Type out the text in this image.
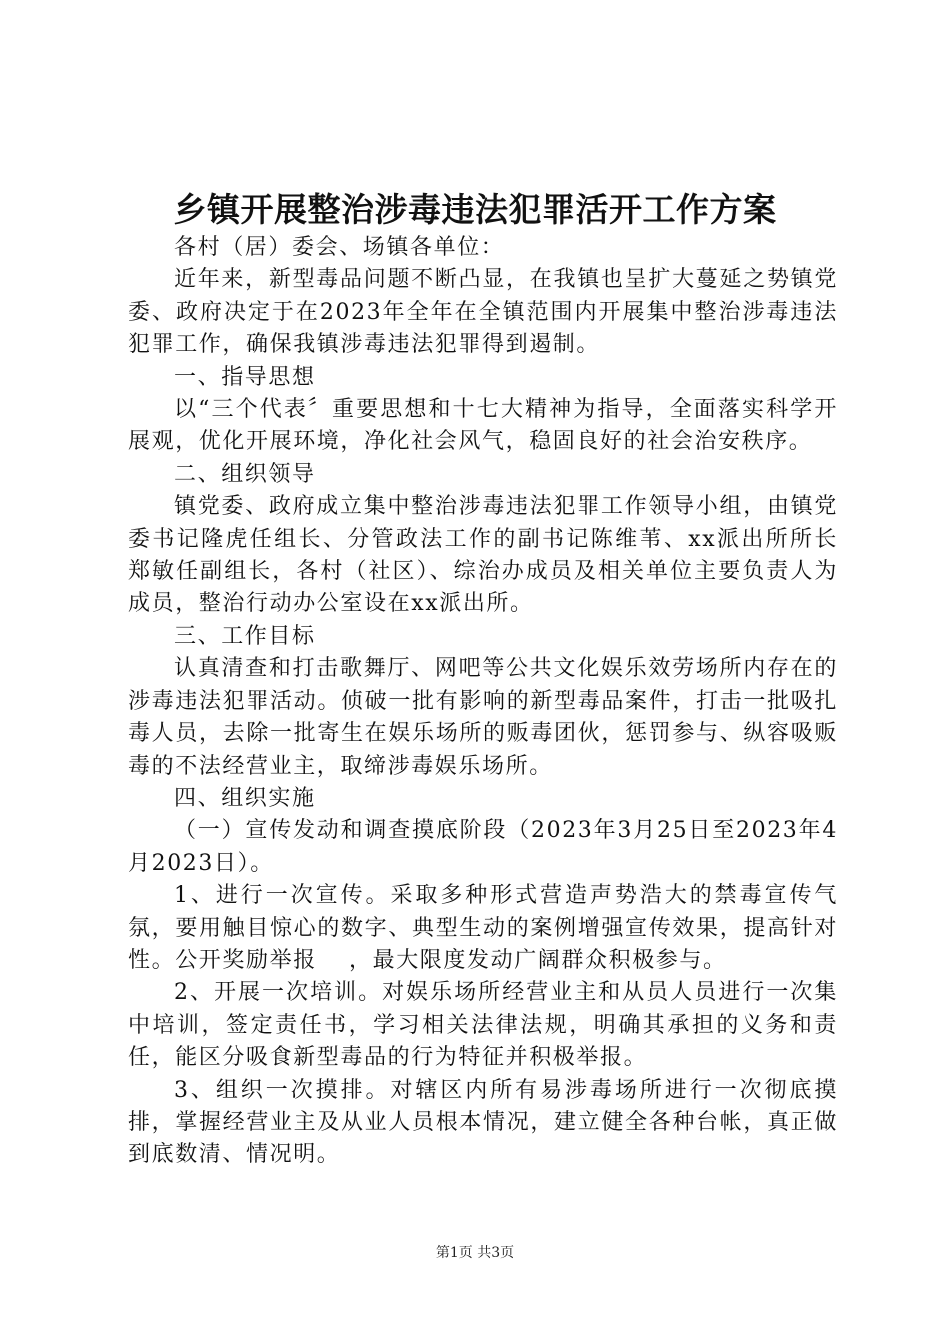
乡镇开展整治涉毒违法犯罪活开工作方案

各村（居）委会、场镇各单位：

近年来，新型毒品问题不断凸显，在我镇也呈扩大蔓延之势镇党委、政府决定于在2023年全年在全镇范围内开展集中整治涉毒违法犯罪工作，确保我镇涉毒违法犯罪得到遏制。

一、指导思想

以“三个代表〞重要思想和十七大精神为指导，全面落实科学开展观，优化开展环境，净化社会风气，稳固良好的社会治安秩序。

二、组织领导

镇党委、政府成立集中整治涉毒违法犯罪工作领导小组，由镇党委书记隆虎任组长、分管政法工作的副书记陈维苇、xx派出所所长郑敏任副组长，各村（社区）、综治办成员及相关单位主要负责人为成员，整治行动办公室设在xx派出所。

三、工作目标

认真清查和打击歌舞厅、网吧等公共文化娱乐效劳场所内存在的涉毒违法犯罪活动。侦破一批有影响的新型毒品案件，打击一批吸扎毒人员，去除一批寄生在娱乐场所的贩毒团伙，惩罚参与、纵容吸贩毒的不法经营业主，取缔涉毒娱乐场所。

四、组织实施

（一）宣传发动和调查摸底阶段（2023年3月25日至2023年4月2023日）。

1、进行一次宣传。采取多种形式营造声势浩大的禁毒宣传气氛，要用触目惊心的数字、典型生动的案例增强宣传效果，提高针对性。公开奖励举报　 ，最大限度发动广阔群众积极参与。

2、开展一次培训。对娱乐场所经营业主和从员人员进行一次集中培训，签定责任书，学习相关法律法规，明确其承担的义务和责任，能区分吸食新型毒品的行为特征并积极举报。

3、组织一次摸排。对辖区内所有易涉毒场所进行一次彻底摸排，掌握经营业主及从业人员根本情况，建立健全各种台帐，真正做到底数清、情况明。

第1页 共3页
